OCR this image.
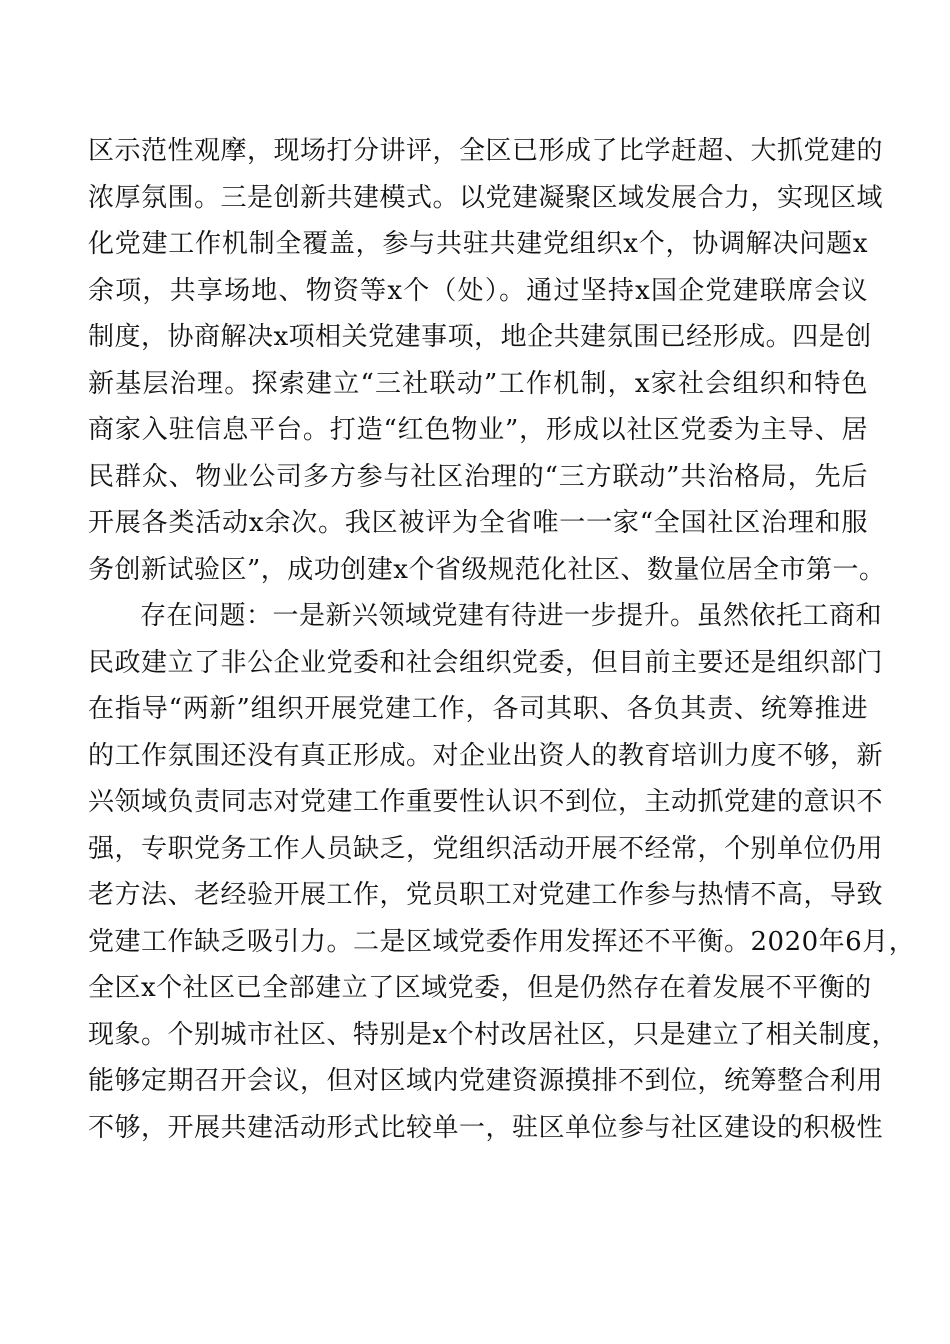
区示范性观摩，现场打分讲评，全区已形成了比学赶超、大抓党建的
浓厚氛围。三是创新共建模式。以党建凝聚区域发展合力，实现区域
化党建工作机制全覆盖，参与共驻共建党组织x个，协调解决问题x
余项，共享场地、物资等x个（处）。通过坚持x国企党建联席会议
制度，协商解决x项相关党建事项，地企共建氛围已经形成。四是创
新基层治理。探索建立“三社联动”工作机制，x家社会组织和特色
商家入驻信息平台。打造“红色物业”，形成以社区党委为主导、居
民群众、物业公司多方参与社区治理的“三方联动”共治格局，先后
开展各类活动x余次。我区被评为全省唯一一家“全国社区治理和服
务创新试验区”，成功创建x个省级规范化社区、数量位居全市第一。
存在问题：一是新兴领域党建有待进一步提升。虽然依托工商和
民政建立了非公企业党委和社会组织党委，但目前主要还是组织部门
在指导“两新”组织开展党建工作，各司其职、各负其责、统筹推进
的工作氛围还没有真正形成。对企业出资人的教育培训力度不够，新
兴领域负责同志对党建工作重要性认识不到位，主动抓党建的意识不
强，专职党务工作人员缺乏，党组织活动开展不经常，个别单位仍用
老方法、老经验开展工作，党员职工对党建工作参与热情不高，导致
党建工作缺乏吸引力。二是区域党委作用发挥还不平衡。2020年6月，
全区x个社区已全部建立了区域党委，但是仍然存在着发展不平衡的
现象。个别城市社区、特别是x个村改居社区，只是建立了相关制度，
能够定期召开会议，但对区域内党建资源摸排不到位，统筹整合利用
不够，开展共建活动形式比较单一，驻区单位参与社区建设的积极性
